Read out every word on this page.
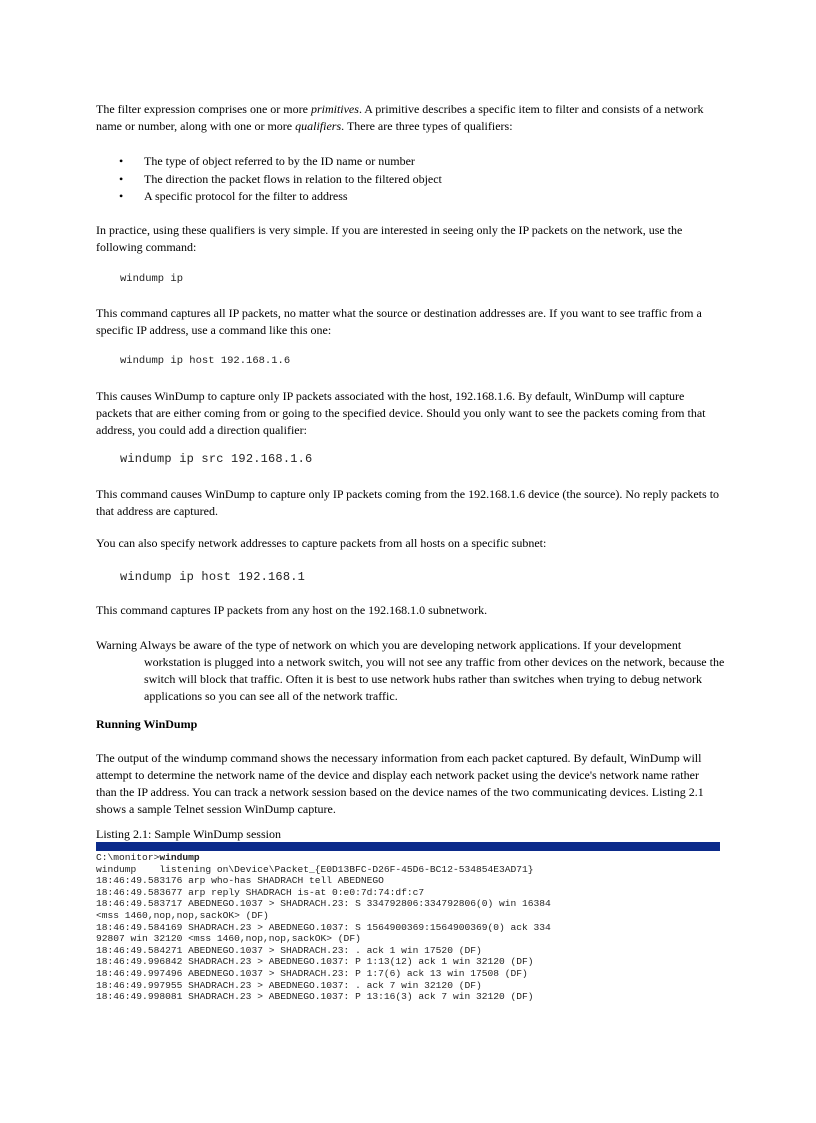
The filter expression comprises one or more primitives. A primitive describes a specific item to filter and consists of a network name or number, along with one or more qualifiers. There are three types of qualifiers:

• The type of object referred to by the ID name or number
• The direction the packet flows in relation to the filtered object
• A specific protocol for the filter to address

In practice, using these qualifiers is very simple. If you are interested in seeing only the IP packets on the network, use the following command:

windump ip

This command captures all IP packets, no matter what the source or destination addresses are. If you want to see traffic from a specific IP address, use a command like this one:

windump ip host 192.168.1.6

This causes WinDump to capture only IP packets associated with the host, 192.168.1.6. By default, WinDump will capture packets that are either coming from or going to the specified device. Should you only want to see the packets coming from that address, you could add a direction qualifier:

windump ip src 192.168.1.6

This command causes WinDump to capture only IP packets coming from the 192.168.1.6 device (the source). No reply packets to that address are captured.

You can also specify network addresses to capture packets from all hosts on a specific subnet:

windump ip host 192.168.1

This command captures IP packets from any host on the 192.168.1.0 subnetwork.

Warning Always be aware of the type of network on which you are developing network applications. If your development workstation is plugged into a network switch, you will not see any traffic from other devices on the network, because the switch will block that traffic. Often it is best to use network hubs rather than switches when trying to debug network applications so you can see all of the network traffic.

Running WinDump

The output of the windump command shows the necessary information from each packet captured. By default, WinDump will attempt to determine the network name of the device and display each network packet using the device's network name rather than the IP address. You can track a network session based on the device names of the two communicating devices. Listing 2.1 shows a sample Telnet session WinDump capture.

Listing 2.1: Sample WinDump session

C:\monitor>windump
windump    listening on\Device\Packet_{E0D13BFC-D26F-45D6-BC12-534854E3AD71}
18:46:49.583176 arp who-has SHADRACH tell ABEDNEGO
18:46:49.583677 arp reply SHADRACH is-at 0:e0:7d:74:df:c7
18:46:49.583717 ABEDNEGO.1037 > SHADRACH.23: S 334792806:334792806(0) win 16384
<mss 1460,nop,nop,sackOK> (DF)
18:46:49.584169 SHADRACH.23 > ABEDNEGO.1037: S 1564900369:1564900369(0) ack 334
92807 win 32120 <mss 1460,nop,nop,sackOK> (DF)
18:46:49.584271 ABEDNEGO.1037 > SHADRACH.23: . ack 1 win 17520 (DF)
18:46:49.996842 SHADRACH.23 > ABEDNEGO.1037: P 1:13(12) ack 1 win 32120 (DF)
18:46:49.997496 ABEDNEGO.1037 > SHADRACH.23: P 1:7(6) ack 13 win 17508 (DF)
18:46:49.997955 SHADRACH.23 > ABEDNEGO.1037: . ack 7 win 32120 (DF)
18:46:49.998081 SHADRACH.23 > ABEDNEGO.1037: P 13:16(3) ack 7 win 32120 (DF)
